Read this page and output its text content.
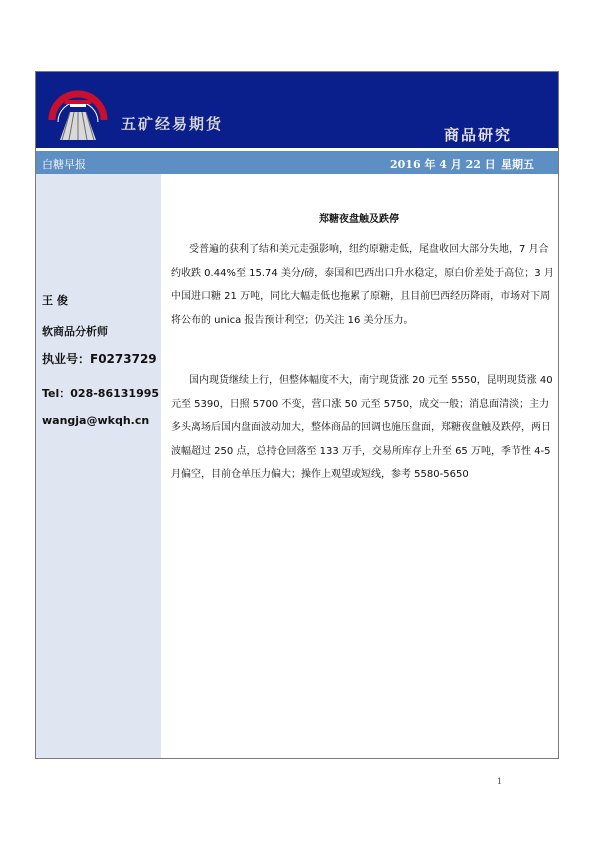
五矿经易期货
商品研究
白糖早报	2016 年 4 月 22 日 星期五
王 俊
软商品分析师
执业号：F0273729
Tel：028-86131995
wangja@wkqh.cn
郑糖夜盘触及跌停
受普遍的获利了结和美元走强影响，纽约原糖走低，尾盘收回大部分失地，7 月合约收跌 0.44%至 15.74 美分/磅，泰国和巴西出口升水稳定，原白价差处于高位；3 月中国进口糖 21 万吨，同比大幅走低也拖累了原糖，且目前巴西经历降雨，市场对下周将公布的 unica 报告预计利空；仍关注 16 美分压力。
国内现货继续上行，但整体幅度不大，南宁现货涨 20 元至 5550，昆明现货涨 40 元至 5390，日照 5700 不变，营口涨 50 元至 5750，成交一般；消息面清淡；主力多头离场后国内盘面波动加大，整体商品的回调也施压盘面，郑糖夜盘触及跌停，两日波幅超过 250 点，总持仓回落至 133 万手，交易所库存上升至 65 万吨，季节性 4-5 月偏空，目前仓单压力偏大；操作上观望或短线，参考 5580-5650
1
